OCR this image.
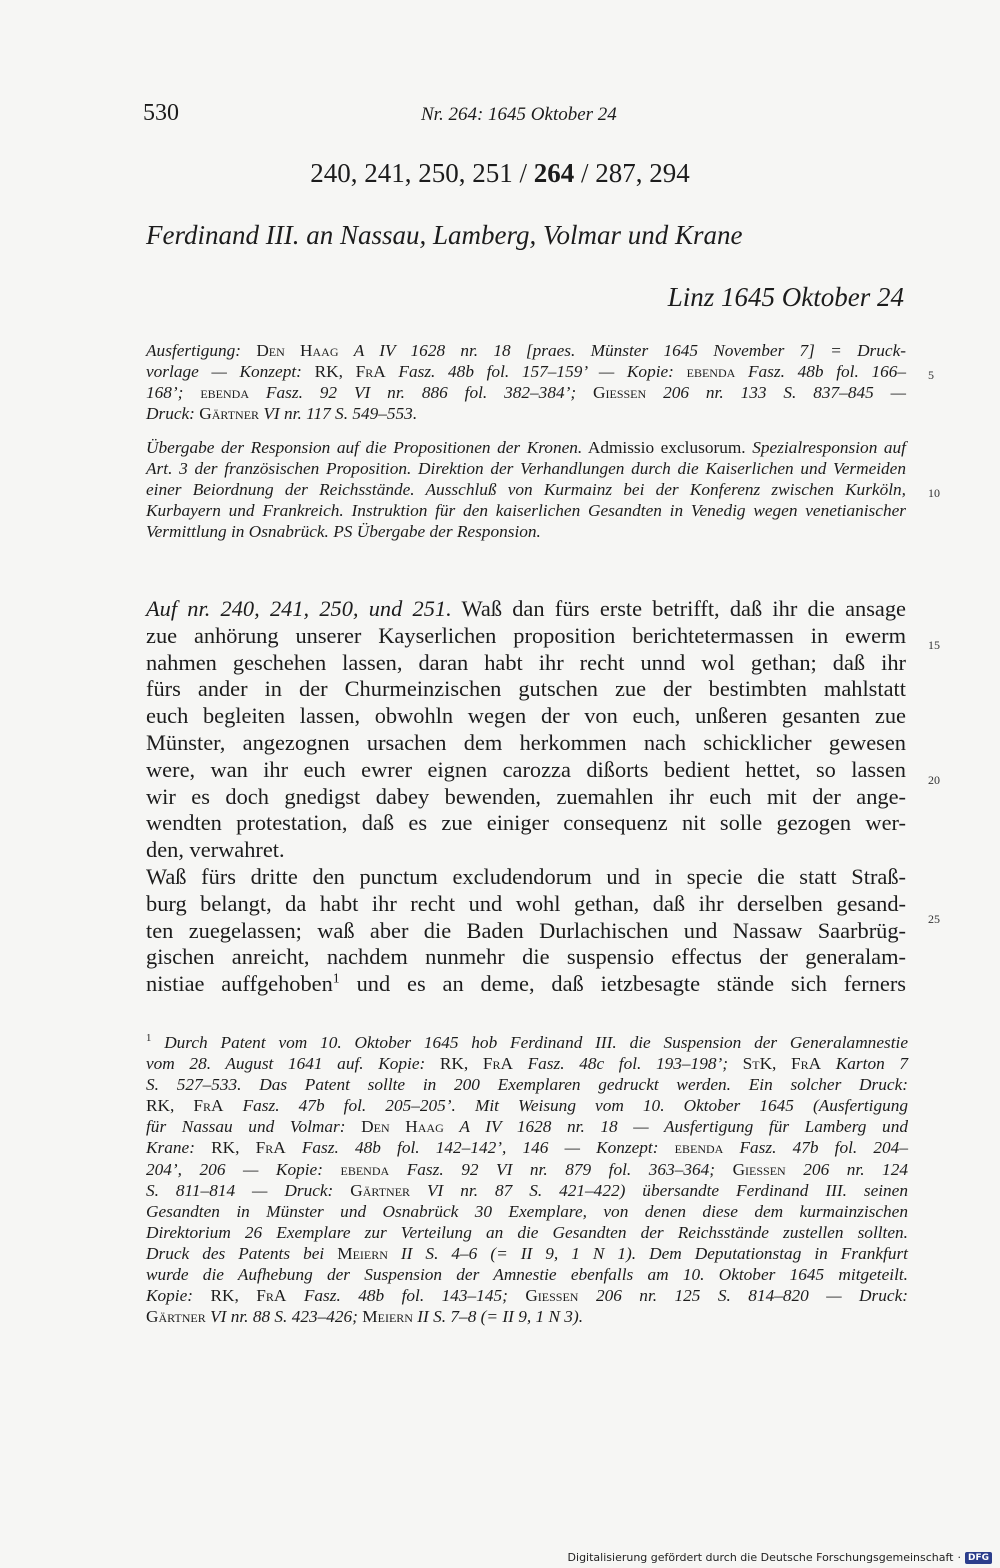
530	Nr. 264: 1645 Oktober 24
240, 241, 250, 251 / 264 / 287, 294
Ferdinand III. an Nassau, Lamberg, Volmar und Krane
Linz 1645 Oktober 24
Ausfertigung: Den Haag A IV 1628 nr. 18 [praes. Münster 1645 November 7] = Druck-
vorlage — Konzept: RK, FrA Fasz. 48b fol. 157–159’ — Kopie: ebenda Fasz. 48b fol. 166–
168’; ebenda Fasz. 92 VI nr. 886 fol. 382–384’; Giessen 206 nr. 133 S. 837–845 —
Druck: Gärtner VI nr. 117 S. 549–553.
Übergabe der Responsion auf die Propositionen der Kronen. Admissio exclusorum. Spezialresponsion auf Art. 3 der französischen Proposition. Direktion der Verhandlungen durch die Kaiserlichen und Vermeiden einer Beiordnung der Reichsstände. Ausschluß von Kurmainz bei der Konferenz zwischen Kurköln, Kurbayern und Frankreich. Instruktion für den kaiserlichen Gesandten in Venedig wegen venetianischer Vermittlung in Osnabrück. PS Übergabe der Responsion.
Auf nr. 240, 241, 250, und 251. Waß dan fürs erste betrifft, daß ihr die ansage
zue anhörung unserer Kayserlichen proposition berichtetermassen in ewerm
nahmen geschehen lassen, daran habt ihr recht unnd wol gethan; daß ihr
fürs ander in der Churmeinzischen gutschen zue der bestimbten mahlstatt
euch begleiten lassen, obwohln wegen der von euch, unßeren gesanten zue
Münster, angezognen ursachen dem herkommen nach schicklicher gewesen
were, wan ihr euch ewrer eignen carozza dißorts bedient hettet, so lassen
wir es doch gnedigst dabey bewenden, zuemahlen ihr euch mit der ange-
wendten protestation, daß es zue einiger consequenz nit solle gezogen wer-
den, verwahret.
Waß fürs dritte den punctum excludendorum und in specie die statt Straß-
burg belangt, da habt ihr recht und wohl gethan, daß ihr derselben gesand-
ten zuegelassen; waß aber die Baden Durlachischen und Nassaw Saarbrüg-
gischen anreicht, nachdem nunmehr die suspensio effectus der generalam-
nistiae auffgehoben$^1$ und es an deme, daß ietzbesagte stände sich ferners
$^1$ Durch Patent vom 10. Oktober 1645 hob Ferdinand III. die Suspension der Generalamnestie
vom 28. August 1641 auf. Kopie: RK, FrA Fasz. 48c fol. 193–198’; StK, FrA Karton 7
S. 527–533. Das Patent sollte in 200 Exemplaren gedruckt werden. Ein solcher Druck:
RK, FrA Fasz. 47b fol. 205–205’. Mit Weisung vom 10. Oktober 1645 (Ausfertigung
für Nassau und Volmar: Den Haag A IV 1628 nr. 18 — Ausfertigung für Lamberg und
Krane: RK, FrA Fasz. 48b fol. 142–142’, 146 — Konzept: ebenda Fasz. 47b fol. 204–
204’, 206 — Kopie: ebenda Fasz. 92 VI nr. 879 fol. 363–364; Giessen 206 nr. 124
S. 811–814 — Druck: Gärtner VI nr. 87 S. 421–422) übersandte Ferdinand III. seinen
Gesandten in Münster und Osnabrück 30 Exemplare, von denen diese dem kurmainzischen
Direktorium 26 Exemplare zur Verteilung an die Gesandten der Reichsstände zustellen sollten.
Druck des Patents bei Meiern II S. 4–6 (= II 9, 1 N 1). Dem Deputationstag in Frankfurt
wurde die Aufhebung der Suspension der Amnestie ebenfalls am 10. Oktober 1645 mitgeteilt.
Kopie: RK, FrA Fasz. 48b fol. 143–145; Giessen 206 nr. 125 S. 814–820 — Druck:
Gärtner VI nr. 88 S. 423–426; Meiern II S. 7–8 (= II 9, 1 N 3).
5
10
15
20
25
Digitalisierung gefördert durch die Deutsche Forschungsgemeinschaft · DFG
